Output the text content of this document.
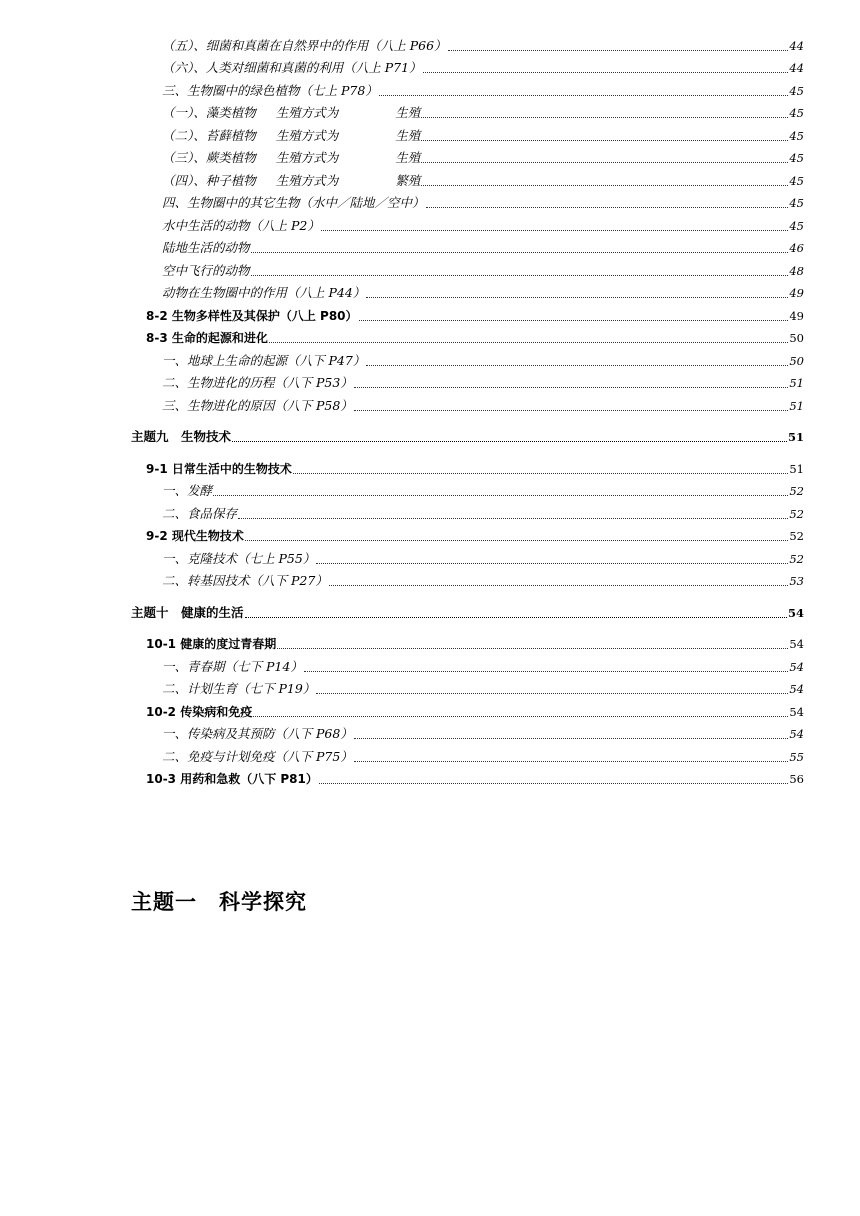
（五）、细菌和真菌在自然界中的作用（八上 P66）	44
（六）、人类对细菌和真菌的利用（八上 P71）	44
三、生物圈中的绿色植物（七上 P78）	45
（一）、藻类植物 生殖方式为	生殖	45
（二）、苔藓植物 生殖方式为	生殖	45
（三）、蕨类植物 生殖方式为	生殖	45
（四）、种子植物 生殖方式为	繁殖	45
四、生物圈中的其它生物（水中／陆地／空中）	45
水中生活的动物（八上 P2）	45
陆地生活的动物	46
空中飞行的动物	48
动物在生物圈中的作用（八上 P44）	49
8-2 生物多样性及其保护（八上 P80）	49
8-3 生命的起源和进化	50
一、地球上生命的起源（八下 P47）	50
二、生物进化的历程（八下 P53）	51
三、生物进化的原因（八下 P58）	51
主题九　生物技术	51
9-1 日常生活中的生物技术	51
一、发酵	52
二、食品保存	52
9-2 现代生物技术	52
一、克隆技术（七上 P55）	52
二、转基因技术（八下 P27）	53
主题十　健康的生活	54
10-1 健康的度过青春期	54
一、青春期（七下 P14）	54
二、计划生育（七下 P19）	54
10-2 传染病和免疫	54
一、传染病及其预防（八下 P68）	54
二、免疫与计划免疫（八下 P75）	55
10-3 用药和急救（八下 P81）	56
主题一　科学探究
